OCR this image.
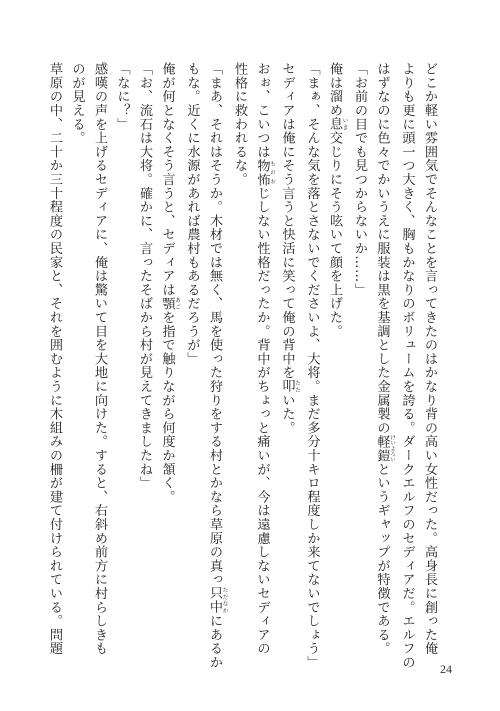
どこか軽い雰囲気でそんなことを言ってきたのはかなり背の高い女性だった。高身長に創った俺
よりも更に頭一つ大きく、胸もかなりのボリュームを誇る。ダークエルフのセディアだ。エルフの
はずなのに色々でかいうえに服装は黒を基調とした金属製の軽鎧 けいよろいというギャップが特徴である。
「お前の目でも見つからないか……」
俺は溜め息 いき交じりにそう呟いて顔を上げた。
「まぁ、そんな気を落とさないでくださいよ、大将。まだ多分十キロ程度しか来てないでしょう」
セディアは俺にそう言うと快活に笑って俺の背中を叩 たたいた。
おぉ、こいつは物怖 ものおじしない性格だったか。背中がちょっと痛いが、今は遠慮しないセディアの
性格に救われるな。
「まあ、それはそうか。木材では無く、馬を使った狩りをする村とかなら草原の真っ只中 ただなかにあるか
もな。近くに水源があれば農村もあるだろうが」
俺が何となくそう言うと、セディアは顎 あごを指で触りながら何度か頷く。
「お、流石は大将。確かに、言ったそばから村が見えてきましたね」
「なに？」
感嘆の声を上げるセディアに、俺は驚いて目を大地に向けた。すると、右斜め前方に村らしきも
のが見える。
草原の中、二十か三十程度の民家と、それを囲むように木組みの柵が建て付けられている。問題
24
